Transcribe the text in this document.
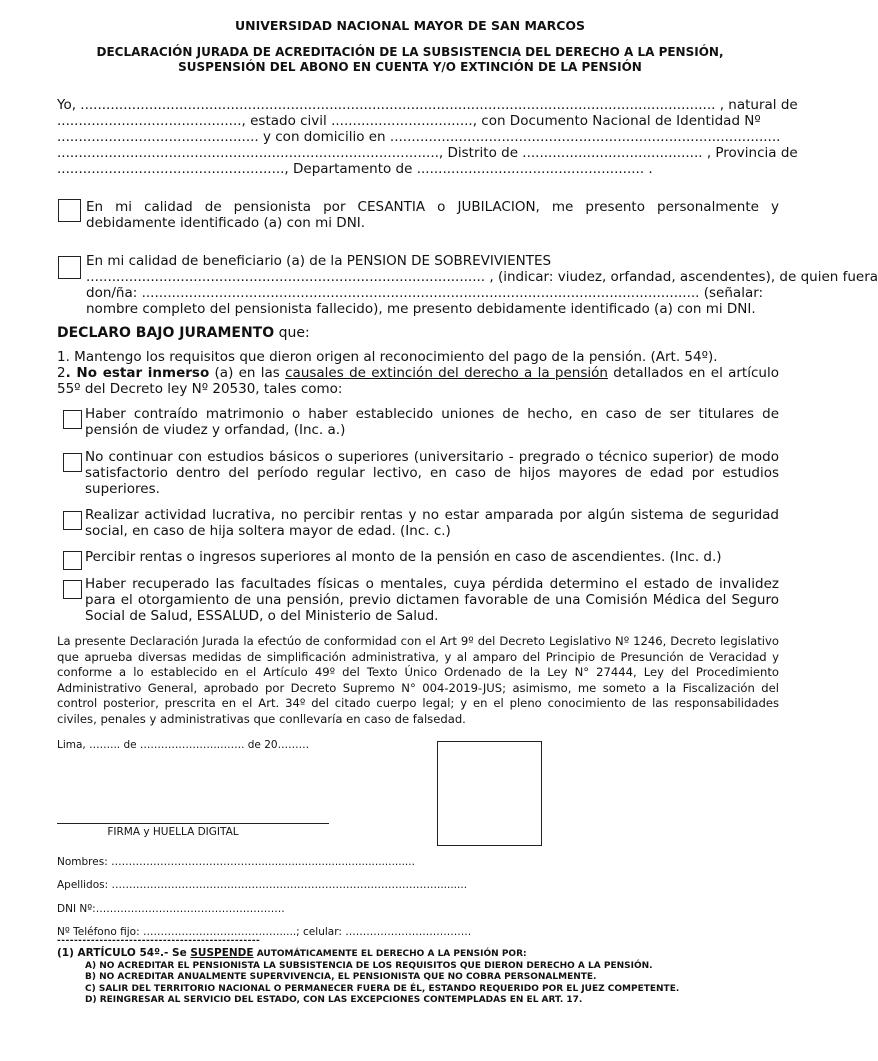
UNIVERSIDAD NACIONAL MAYOR DE SAN MARCOS
DECLARACIÓN JURADA DE ACREDITACIÓN DE LA SUBSISTENCIA DEL DERECHO A LA PENSIÓN,
SUSPENSIÓN DEL ABONO EN CUENTA Y/O EXTINCIÓN DE LA PENSIÓN
Yo, .................................................................................................................................................... , natural de
..........................................., estado civil ................................., con Documento Nacional de Identidad Nº
............................................... y con domicilio en ...........................................................................................
........................................................................................., Distrito de .......................................... , Provincia de
....................................................., Departamento de ..................................................... .
En mi calidad de pensionista por CESANTIA o JUBILACION, me presento personalmente y debidamente identificado (a) con mi DNI.
En mi calidad de beneficiario (a) de la PENSION DE SOBREVIVIENTES
............................................................................................. , (indicar: viudez, orfandad, ascendentes), de quien fuera
don/ña: .................................................................................................................................. (señalar:
nombre completo del pensionista fallecido), me presento debidamente identificado (a) con mi DNI.
DECLARO BAJO JURAMENTO que:
1. Mantengo los requisitos que dieron origen al reconocimiento del pago de la pensión. (Art. 54º).
2. No estar inmerso (a) en las causales de extinción del derecho a la pensión detallados en el artículo 55º del Decreto ley Nº 20530, tales como:
Haber contraído matrimonio o haber establecido uniones de hecho, en caso de ser titulares de pensión de viudez y orfandad, (Inc. a.)
No continuar con estudios básicos o superiores (universitario - pregrado o técnico superior) de modo satisfactorio dentro del período regular lectivo, en caso de hijos mayores de edad por estudios superiores.
Realizar actividad lucrativa, no percibir rentas y no estar amparada por algún sistema de seguridad social, en caso de hija soltera mayor de edad. (Inc. c.)
Percibir rentas o ingresos superiores al monto de la pensión en caso de ascendientes. (Inc. d.)
Haber recuperado las facultades físicas o mentales, cuya pérdida determino el estado de invalidez para el otorgamiento de una pensión, previo dictamen favorable de una Comisión Médica del Seguro Social de Salud, ESSALUD, o del Ministerio de Salud.
La presente Declaración Jurada la efectúo de conformidad con el Art 9º del Decreto Legislativo Nº 1246, Decreto legislativo que aprueba diversas medidas de simplificación administrativa, y al amparo del Principio de Presunción de Veracidad y conforme a lo establecido en el Artículo 49º del Texto Único Ordenado de la Ley N° 27444, Ley del Procedimiento Administrativo General, aprobado por Decreto Supremo N° 004-2019-JUS; asimismo, me someto a la Fiscalización del control posterior, prescrita en el Art. 34º del citado cuerpo legal; y en el pleno conocimiento de las responsabilidades civiles, penales y administrativas que conllevaría en caso de falsedad.
Lima, ……... de …………………..……. de 20………
FIRMA y HUELLA DIGITAL
Nombres: ……………………………………...............................................
Apellidos: ………………………………………………………………………………….........
DNI Nº:………………………………………………
Nº Teléfono fijo: ………………………………….....; celular: ………………………………
------------------------------------------------
(1) ARTÍCULO 54º.- Se SUSPENDE AUTOMÁTICAMENTE EL DERECHO A LA PENSIÓN POR:
A) NO ACREDITAR EL PENSIONISTA LA SUBSISTENCIA DE LOS REQUISITOS QUE DIERON DERECHO A LA PENSIÓN.
B) NO ACREDITAR ANUALMENTE SUPERVIVENCIA, EL PENSIONISTA QUE NO COBRA PERSONALMENTE.
C) SALIR DEL TERRITORIO NACIONAL O PERMANECER FUERA DE ÉL, ESTANDO REQUERIDO POR EL JUEZ COMPETENTE.
D) REINGRESAR AL SERVICIO DEL ESTADO, CON LAS EXCEPCIONES CONTEMPLADAS EN EL ART. 17.
